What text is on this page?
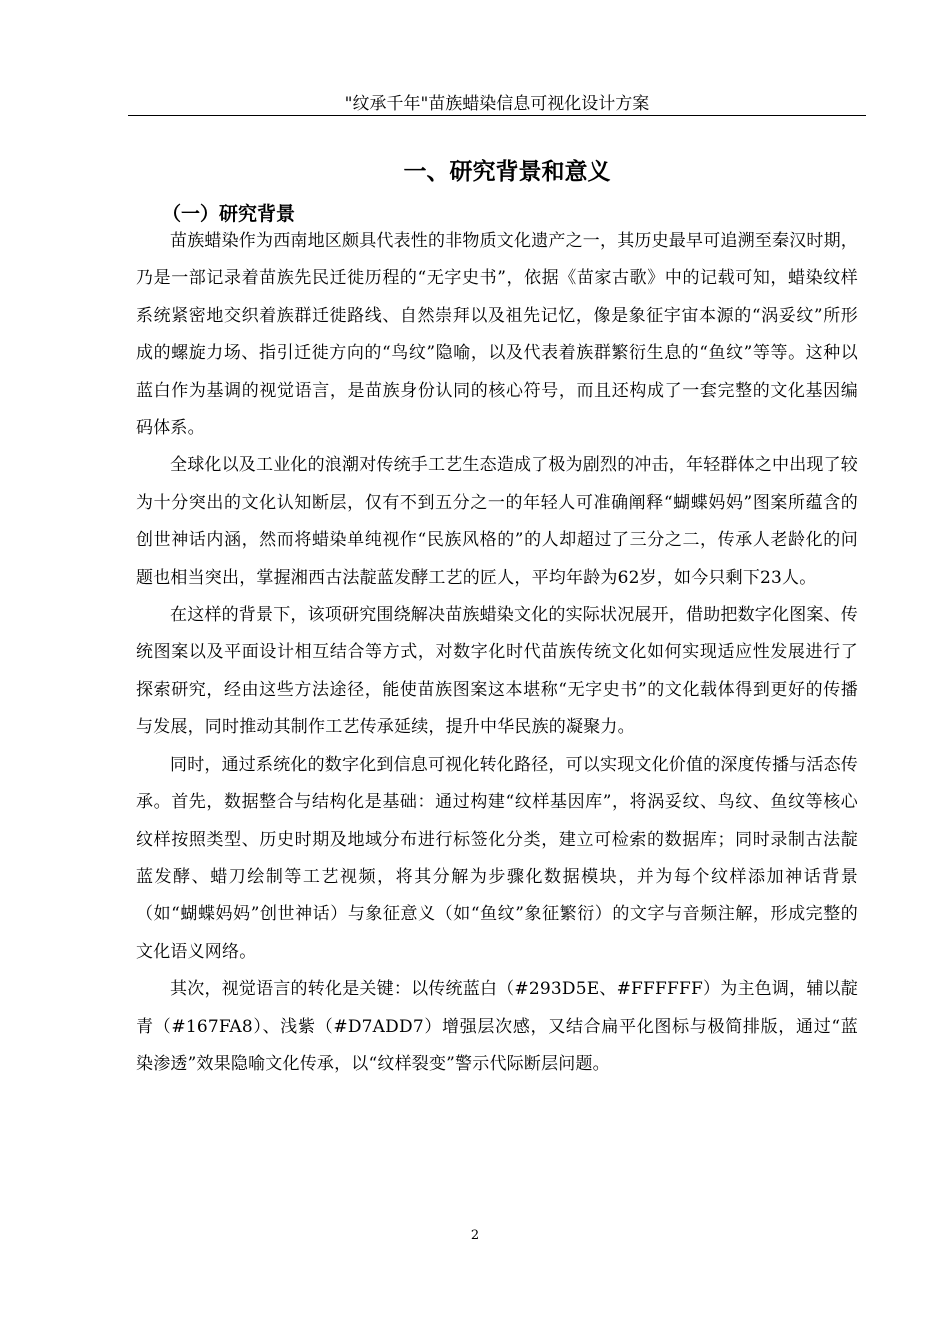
"纹承千年"苗族蜡染信息可视化设计方案
一、研究背景和意义
（一）研究背景

苗族蜡染作为西南地区颇具代表性的非物质文化遗产之一，其历史最早可追溯至秦汉时期，乃是一部记录着苗族先民迁徙历程的“无字史书”，依据《苗家古歌》中的记载可知，蜡染纹样系统紧密地交织着族群迁徙路线、自然崇拜以及祖先记忆，像是象征宇宙本源的“涡妥纹”所形成的螺旋力场、指引迁徙方向的“鸟纹”隐喻，以及代表着族群繁衍生息的“鱼纹”等等。这种以蓝白作为基调的视觉语言，是苗族身份认同的核心符号，而且还构成了一套完整的文化基因编码体系。

全球化以及工业化的浪潮对传统手工艺生态造成了极为剧烈的冲击，年轻群体之中出现了较为十分突出的文化认知断层，仅有不到五分之一的年轻人可准确阐释“蝴蝶妈妈”图案所蕴含的创世神话内涵，然而将蜡染单纯视作“民族风格的”的人却超过了三分之二，传承人老龄化的问题也相当突出，掌握湘西古法靛蓝发酵工艺的匠人，平均年龄为62岁，如今只剩下23人。

在这样的背景下，该项研究围绕解决苗族蜡染文化的实际状况展开，借助把数字化图案、传统图案以及平面设计相互结合等方式，对数字化时代苗族传统文化如何实现适应性发展进行了探索研究，经由这些方法途径，能使苗族图案这本堪称“无字史书”的文化载体得到更好的传播与发展，同时推动其制作工艺传承延续，提升中华民族的凝聚力。

同时，通过系统化的数字化到信息可视化转化路径，可以实现文化价值的深度传播与活态传承。首先，数据整合与结构化是基础：通过构建“纹样基因库”，将涡妥纹、鸟纹、鱼纹等核心纹样按照类型、历史时期及地域分布进行标签化分类，建立可检索的数据库；同时录制古法靛蓝发酵、蜡刀绘制等工艺视频，将其分解为步骤化数据模块，并为每个纹样添加神话背景（如“蝴蝶妈妈”创世神话）与象征意义（如“鱼纹”象征繁衍）的文字与音频注解，形成完整的文化语义网络。

其次，视觉语言的转化是关键：以传统蓝白（#293D5E、#FFFFFF）为主色调，辅以靛青（#167FA8）、浅紫（#D7ADD7）增强层次感，又结合扁平化图标与极简排版，通过“蓝染渗透”效果隐喻文化传承，以“纹样裂变”警示代际断层问题。

2
